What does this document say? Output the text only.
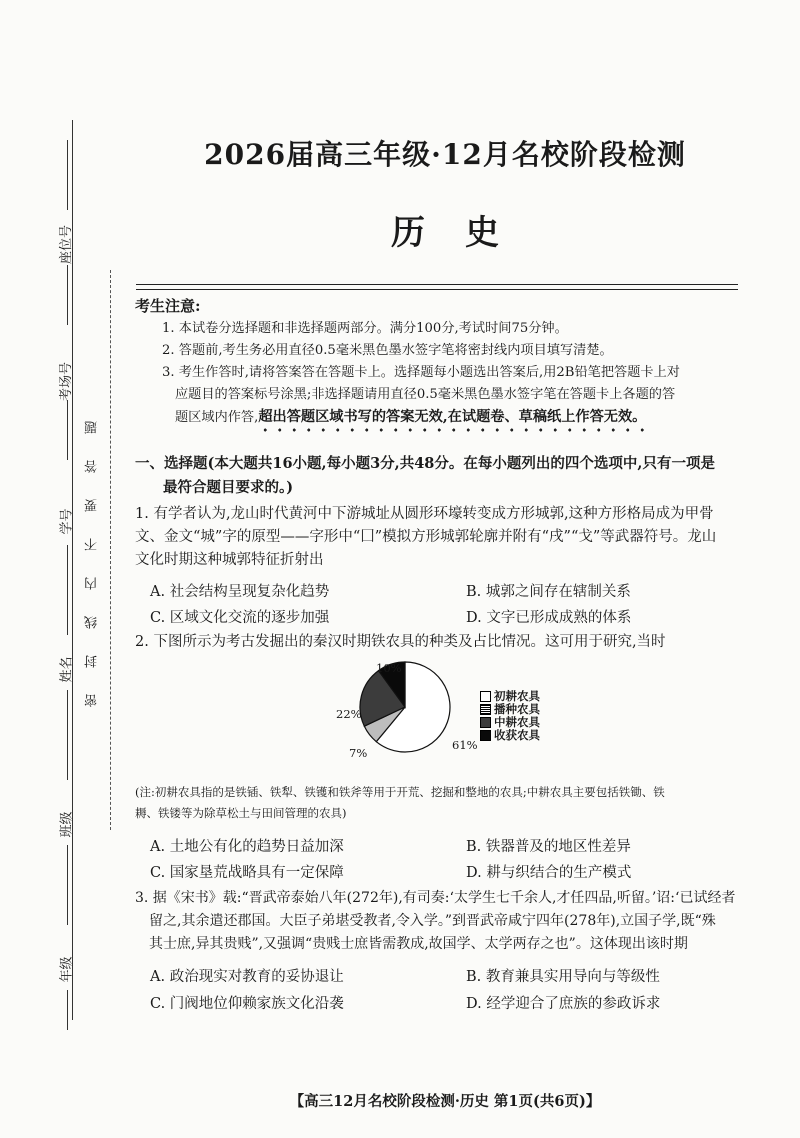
座位号
考场号
学号
姓名
班级
年级
密封线内不要答题
2026届高三年级·12月名校阶段检测
历史
考生注意:
1. 本试卷分选择题和非选择题两部分。满分100分,考试时间75分钟。
2. 答题前,考生务必用直径0.5毫米黑色墨水签字笔将密封线内项目填写清楚。
3. 考生作答时,请将答案答在答题卡上。选择题每小题选出答案后,用2B铅笔把答题卡上对
应题目的答案标号涂黑;非选择题请用直径0.5毫米黑色墨水签字笔在答题卡上各题的答
题区域内作答,超出答题区域书写的答案无效,在试题卷、草稿纸上作答无效。
一、选择题(本大题共16小题,每小题3分,共48分。在每小题列出的四个选项中,只有一项是
最符合题目要求的。)
1. 有学者认为,龙山时代黄河中下游城址从圆形环壕转变成方形城郭,这种方形格局成为甲骨
文、金文“城”字的原型——字形中“囗”模拟方形城郭轮廓并附有“戌”“戈”等武器符号。龙山
文化时期这种城郭特征折射出
A. 社会结构呈现复杂化趋势	B. 城郭之间存在辖制关系
C. 区域文化交流的逐步加强	D. 文字已形成成熟的体系
2. 下图所示为考古发掘出的秦汉时期铁农具的种类及占比情况。这可用于研究,当时
10%
22%
7%
61%
初耕农具
播种农具
中耕农具
收获农具
(注:初耕农具指的是铁锸、铁犁、铁镬和铁斧等用于开荒、挖掘和整地的农具;中耕农具主要包括铁锄、铁
耨、铁镂等为除草松土与田间管理的农具)
A. 土地公有化的趋势日益加深	B. 铁器普及的地区性差异
C. 国家垦荒战略具有一定保障	D. 耕与织结合的生产模式
3. 据《宋书》载:“晋武帝泰始八年(272年),有司奏:‘太学生七千余人,才任四品,听留。’诏:‘已试经者
留之,其余遣还郡国。大臣子弟堪受教者,令入学。”到晋武帝咸宁四年(278年),立国子学,既“殊
其士庶,异其贵贱”,又强调“贵贱士庶皆需教成,故国学、太学两存之也”。这体现出该时期
A. 政治现实对教育的妥协退让	B. 教育兼具实用导向与等级性
C. 门阀地位仰赖家族文化沿袭	D. 经学迎合了庶族的参政诉求
【高三12月名校阶段检测·历史 第1页(共6页)】
